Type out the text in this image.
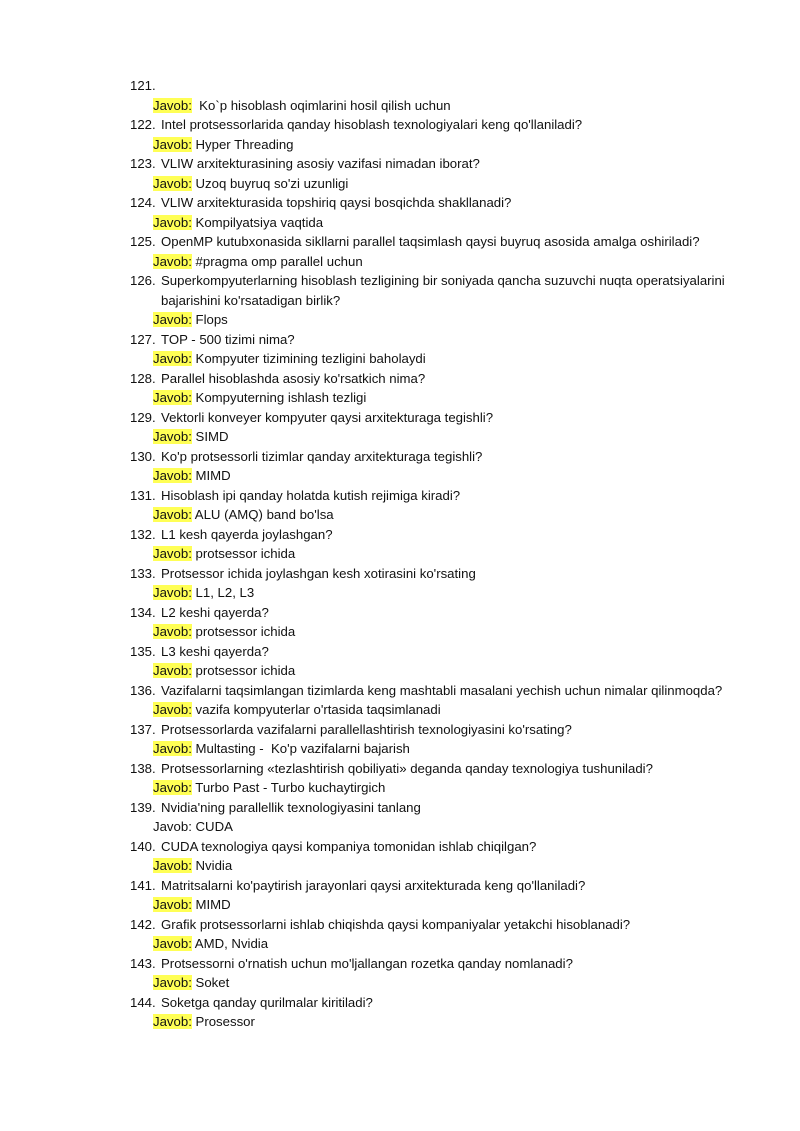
121.
Javob:  Ko`p hisoblash oqimlarini hosil qilish uchun
122. Intel protsessorlarida qanday hisoblash texnologiyalari keng qo'llaniladi?
Javob: Hyper Threading
123. VLIW arxitekturasining asosiy vazifasi nimadan iborat?
Javob: Uzoq buyruq so'zi uzunligi
124. VLIW arxitekturasida topshiriq qaysi bosqichda shakllanadi?
Javob: Kompilyatsiya vaqtida
125. OpenMP kutubxonasida sikllarni parallel taqsimlash qaysi buyruq asosida amalga oshiriladi?
Javob: #pragma omp parallel uchun
126. Superkompyuterlarning hisoblash tezligining bir soniyada qancha suzuvchi nuqta operatsiyalarini bajarishini ko'rsatadigan birlik?
Javob: Flops
127. TOP - 500 tizimi nima?
Javob: Kompyuter tizimining tezligini baholaydi
128. Parallel hisoblashda asosiy ko'rsatkich nima?
Javob: Kompyuterning ishlash tezligi
129. Vektorli konveyer kompyuter qaysi arxitekturaga tegishli?
Javob: SIMD
130. Ko'p protsessorli tizimlar qanday arxitekturaga tegishli?
Javob: MIMD
131. Hisoblash ipi qanday holatda kutish rejimiga kiradi?
Javob: ALU (AMQ) band bo'lsa
132. L1 kesh qayerda joylashgan?
Javob: protsessor ichida
133. Protsessor ichida joylashgan kesh xotirasini ko'rsating
Javob: L1, L2, L3
134. L2 keshi qayerda?
Javob: protsessor ichida
135. L3 keshi qayerda?
Javob: protsessor ichida
136. Vazifalarni taqsimlangan tizimlarda keng mashtabli masalani yechish uchun nimalar qilinmoqda?
Javob: vazifa kompyuterlar o'rtasida taqsimlanadi
137. Protsessorlarda vazifalarni parallellashtirish texnologiyasini ko'rsating?
Javob: Multasting -  Ko'p vazifalarni bajarish
138. Protsessorlarning «tezlashtirish qobiliyati» deganda qanday texnologiya tushuniladi?
Javob: Turbo Past - Turbo kuchaytirgich
139. Nvidia'ning parallellik texnologiyasini tanlang
Javob: CUDA
140. CUDA texnologiya qaysi kompaniya tomonidan ishlab chiqilgan?
Javob: Nvidia
141. Matritsalarni ko'paytirish jarayonlari qaysi arxitekturada keng qo'llaniladi?
Javob: MIMD
142. Grafik protsessorlarni ishlab chiqishda qaysi kompaniyalar yetakchi hisoblanadi?
Javob: AMD, Nvidia
143. Protsessorni o'rnatish uchun mo'ljallangan rozetka qanday nomlanadi?
Javob: Soket
144. Soketga qanday qurilmalar kiritiladi?
Javob: Prosessor
